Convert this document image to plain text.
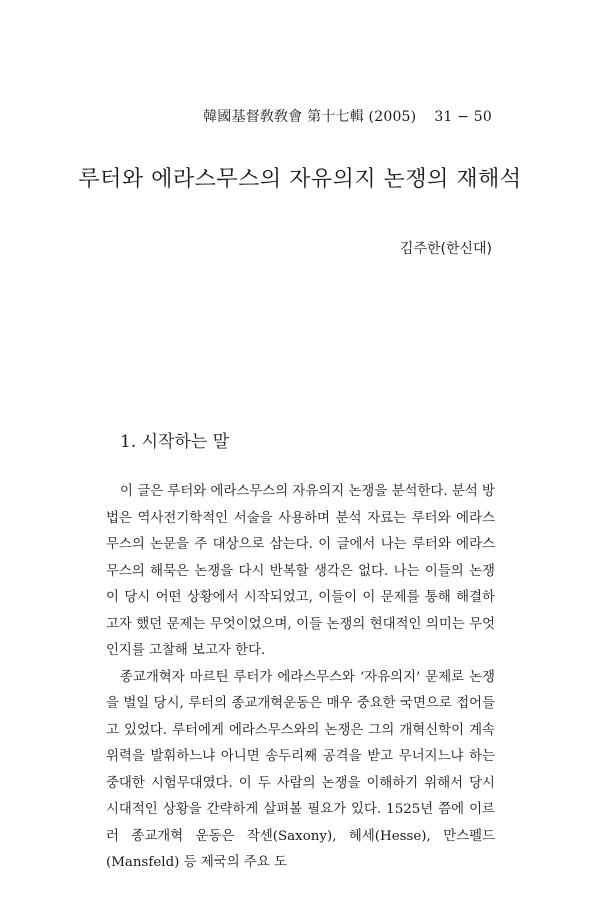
韓國基督敎敎會 第十七輯 (2005) 31 − 50
루터와 에라스무스의 자유의지 논쟁의 재해석
김주한(한신대)
1. 시작하는 말

이 글은 루터와 에라스무스의 자유의지 논쟁을 분석한다. 분석 방법은 역사전기학적인 서술을 사용하며 분석 자료는 루터와 에라스무스의 논문을 주 대상으로 삼는다. 이 글에서 나는 루터와 에라스무스의 해묵은 논쟁을 다시 반복할 생각은 없다. 나는 이들의 논쟁이 당시 어떤 상황에서 시작되었고, 이들이 이 문제를 통해 해결하고자 했던 문제는 무엇이었으며, 이들 논쟁의 현대적인 의미는 무엇인지를 고찰해 보고자 한다.

종교개혁자 마르틴 루터가 에라스무스와 ‘자유의지’ 문제로 논쟁을 벌일 당시, 루터의 종교개혁운동은 매우 중요한 국면으로 접어들고 있었다. 루터에게 에라스무스와의 논쟁은 그의 개혁신학이 계속 위력을 발휘하느냐 아니면 송두리째 공격을 받고 무너지느냐 하는 중대한 시험무대였다. 이 두 사람의 논쟁을 이해하기 위해서 당시 시대적인 상황을 간략하게 살펴볼 필요가 있다. 1525년 쯤에 이르러 종교개혁 운동은 작센(Saxony), 헤세(Hesse), 만스펠드(Mansfeld) 등 제국의 주요 도
